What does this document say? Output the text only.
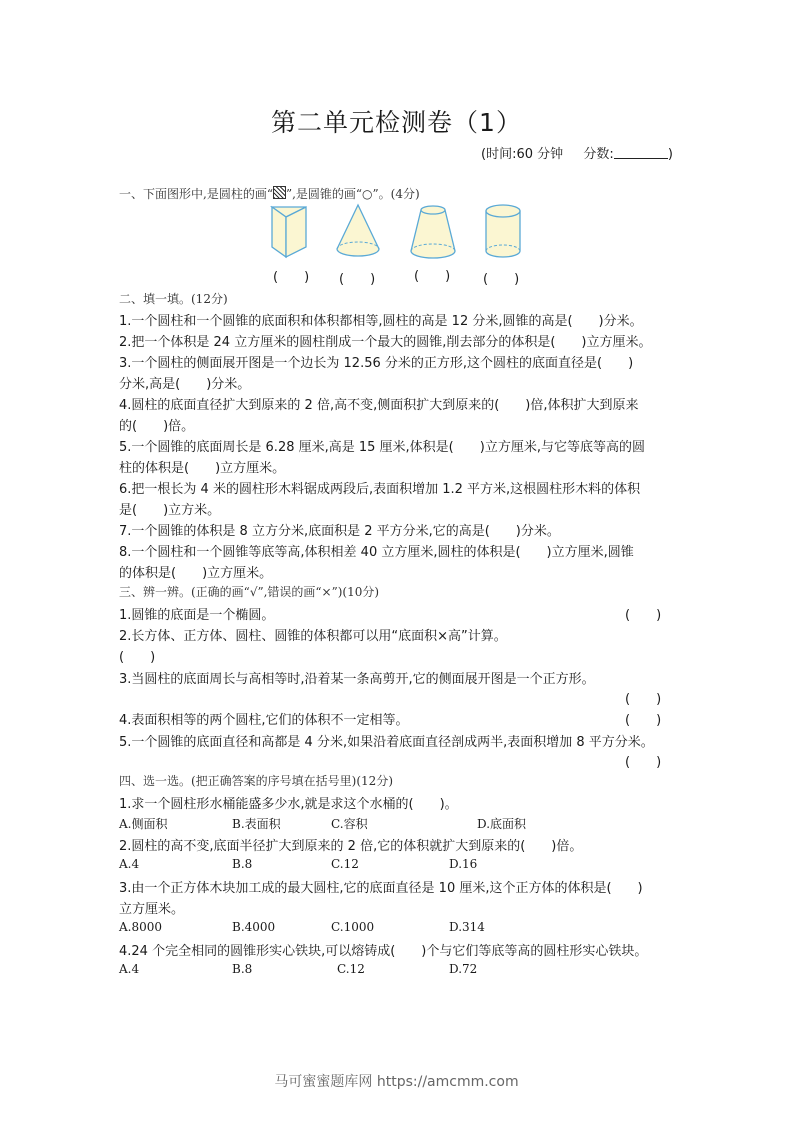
第二单元检测卷（1）
(时间:60 分钟 分数:	)
一、下面图形中,是圆柱的画“ ”,是圆锥的画“○”。(4分)
(　　) (　　)	(　　)	(　　)
二、填一填。(12分)
1.一个圆柱和一个圆锥的底面积和体积都相等,圆柱的高是 12 分米,圆锥的高是(　　)分米。
2.把一个体积是 24 立方厘米的圆柱削成一个最大的圆锥,削去部分的体积是(　　)立方厘米。
3.一个圆柱的侧面展开图是一个边长为 12.56 分米的正方形,这个圆柱的底面直径是(　　)
分米,高是(　　)分米。
4.圆柱的底面直径扩大到原来的 2 倍,高不变,侧面积扩大到原来的(　　)倍,体积扩大到原来
的(　　)倍。
5.一个圆锥的底面周长是 6.28 厘米,高是 15 厘米,体积是(　　)立方厘米,与它等底等高的圆
柱的体积是(　　)立方厘米。
6.把一根长为 4 米的圆柱形木料锯成两段后,表面积增加 1.2 平方米,这根圆柱形木料的体积
是(　　)立方米。
7.一个圆锥的体积是 8 立方分米,底面积是 2 平方分米,它的高是(　　)分米。
8.一个圆柱和一个圆锥等底等高,体积相差 40 立方厘米,圆柱的体积是(　　)立方厘米,圆锥
的体积是(　　)立方厘米。
三、辨一辨。(正确的画“√”,错误的画“×”)(10分)
1.圆锥的底面是一个椭圆。	(　　)
2.长方体、正方体、圆柱、圆锥的体积都可以用“底面积×高”计算。
(　　)
3.当圆柱的底面周长与高相等时,沿着某一条高剪开,它的侧面展开图是一个正方形。
(　　)
4.表面积相等的两个圆柱,它们的体积不一定相等。	(　　)
5.一个圆锥的底面直径和高都是 4 分米,如果沿着底面直径剖成两半,表面积增加 8 平方分米。
(　　)
四、选一选。(把正确答案的序号填在括号里)(12分)
1.求一个圆柱形水桶能盛多少水,就是求这个水桶的(　　)。
A.侧面积	B.表面积	C.容积	D.底面积
2.圆柱的高不变,底面半径扩大到原来的 2 倍,它的体积就扩大到原来的(　　)倍。
A.4	B.8	C.12	D.16
3.由一个正方体木块加工成的最大圆柱,它的底面直径是 10 厘米,这个正方体的体积是(　　)
立方厘米。
A.8000	B.4000	C.1000	D.314
4.24 个完全相同的圆锥形实心铁块,可以熔铸成(　　)个与它们等底等高的圆柱形实心铁块。
A.4	B.8	C.12	D.72
马可蜜蜜题库网 https://amcmm.com
